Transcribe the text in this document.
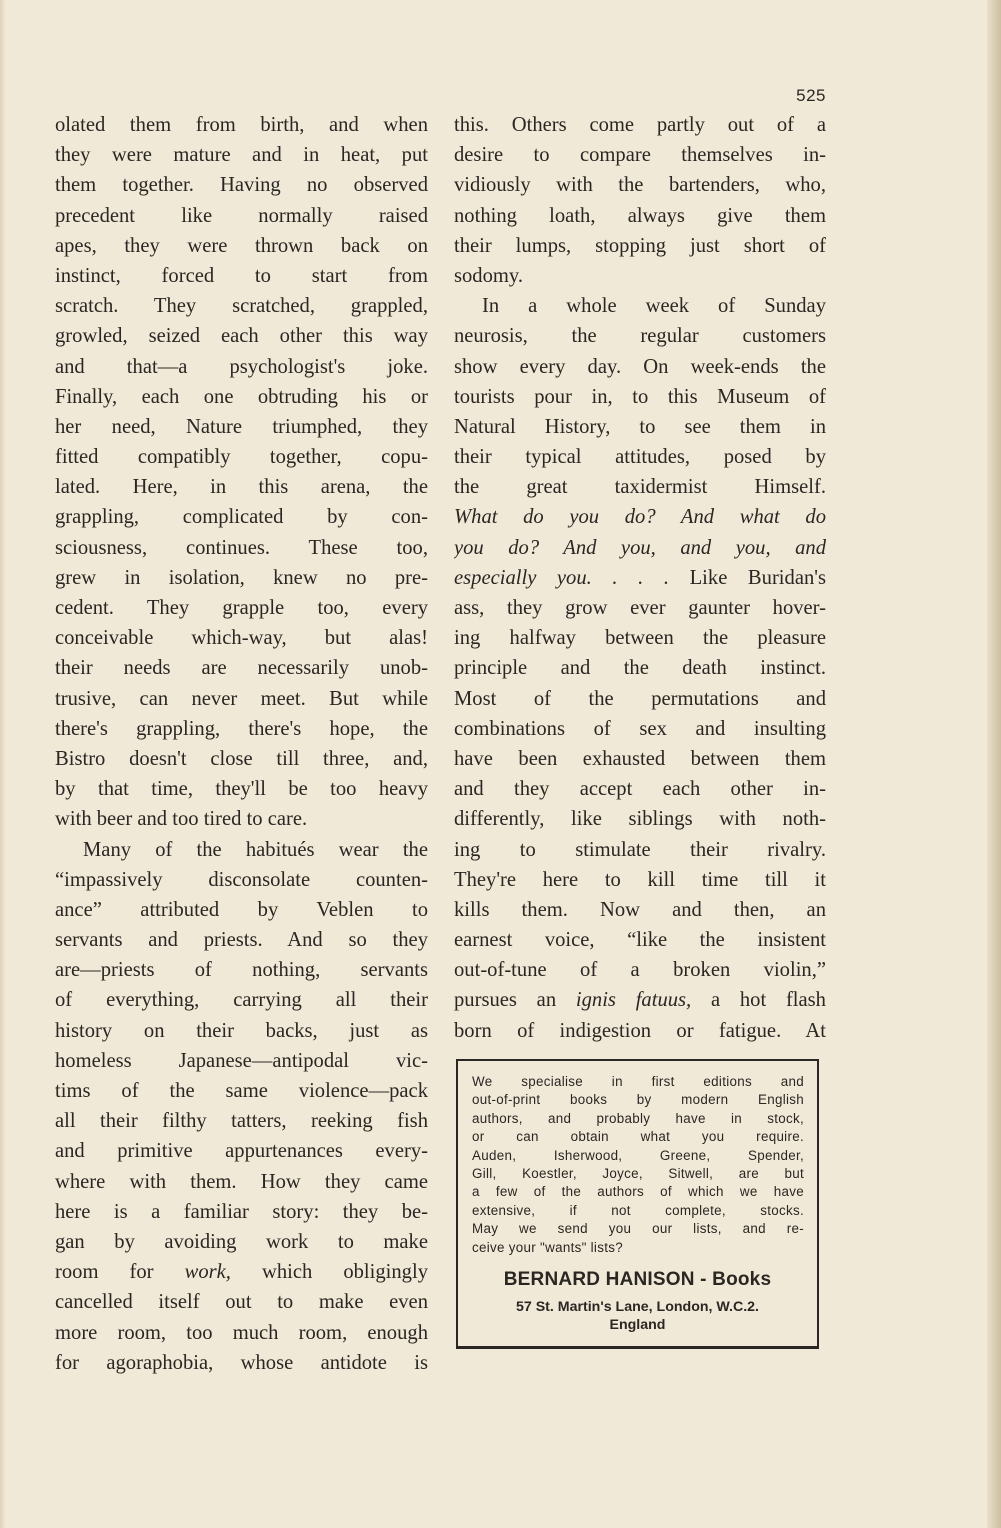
525
olated them from birth, and when
they were mature and in heat, put
them together. Having no observed
precedent like normally raised
apes, they were thrown back on
instinct, forced to start from
scratch. They scratched, grappled,
growled, seized each other this way
and that—a psychologist's joke.
Finally, each one obtruding his or
her need, Nature triumphed, they
fitted compatibly together, copu-
lated. Here, in this arena, the
grappling, complicated by con-
sciousness, continues. These too,
grew in isolation, knew no pre-
cedent. They grapple too, every
conceivable which-way, but alas!
their needs are necessarily unob-
trusive, can never meet. But while
there's grappling, there's hope, the
Bistro doesn't close till three, and,
by that time, they'll be too heavy
with beer and too tired to care.
Many of the habitués wear the
“impassively disconsolate counten-
ance” attributed by Veblen to
servants and priests. And so they
are—priests of nothing, servants
of everything, carrying all their
history on their backs, just as
homeless Japanese—antipodal vic-
tims of the same violence—pack
all their filthy tatters, reeking fish
and primitive appurtenances every-
where with them. How they came
here is a familiar story: they be-
gan by avoiding work to make
room for work, which obligingly
cancelled itself out to make even
more room, too much room, enough
for agoraphobia, whose antidote is
this. Others come partly out of a
desire to compare themselves in-
vidiously with the bartenders, who,
nothing loath, always give them
their lumps, stopping just short of
sodomy.
In a whole week of Sunday
neurosis, the regular customers
show every day. On week-ends the
tourists pour in, to this Museum of
Natural History, to see them in
their typical attitudes, posed by
the great taxidermist Himself.
What do you do? And what do
you do? And you, and you, and
especially you. . . . Like Buridan's
ass, they grow ever gaunter hover-
ing halfway between the pleasure
principle and the death instinct.
Most of the permutations and
combinations of sex and insulting
have been exhausted between them
and they accept each other in-
differently, like siblings with noth-
ing to stimulate their rivalry.
They're here to kill time till it
kills them. Now and then, an
earnest voice, “like the insistent
out-of-tune of a broken violin,”
pursues an ignis fatuus, a hot flash
born of indigestion or fatigue. At
We specialise in first editions and
out-of-print books by modern English
authors, and probably have in stock,
or can obtain what you require.
Auden, Isherwood, Greene, Spender,
Gill, Koestler, Joyce, Sitwell, are but
a few of the authors of which we have
extensive, if not complete, stocks.
May we send you our lists, and re-
ceive your "wants" lists?
BERNARD HANISON - Books
57 St. Martin's Lane, London, W.C.2.
England
